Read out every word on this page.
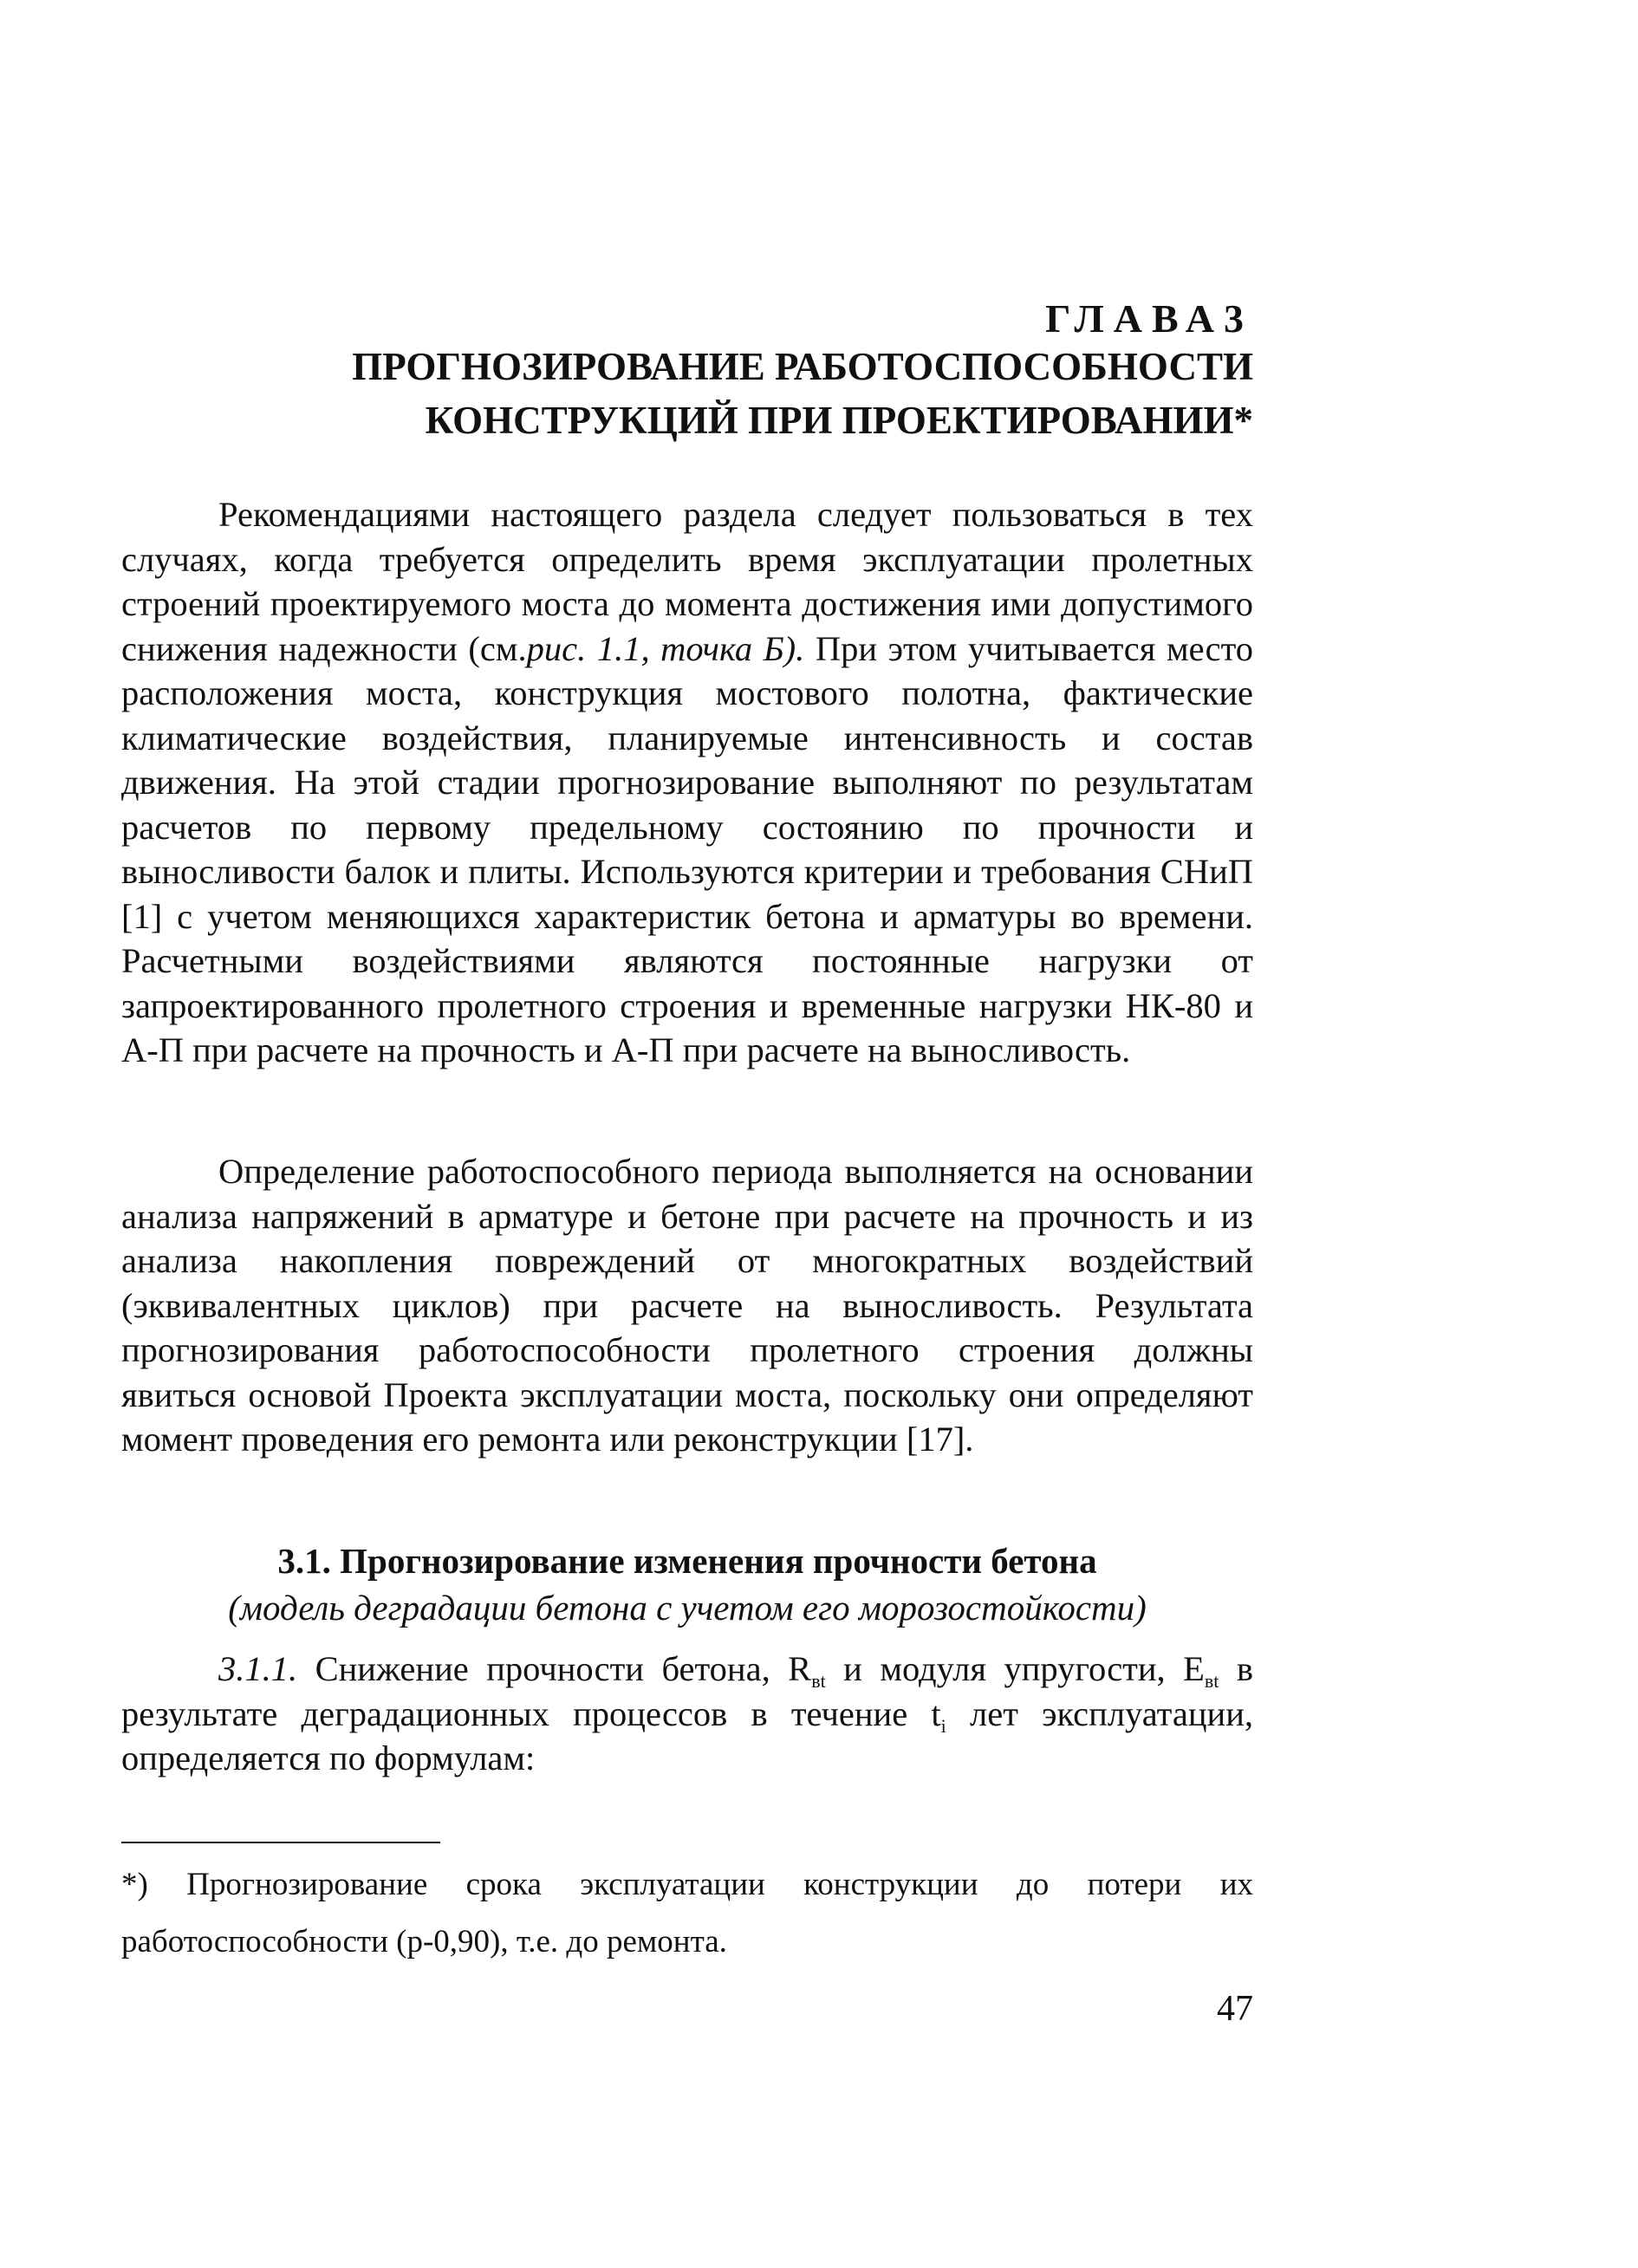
ГЛАВА3
ПРОГНОЗИРОВАНИЕ РАБОТОСПОСОБНОСТИ
КОНСТРУКЦИЙ ПРИ ПРОЕКТИРОВАНИИ*

Рекомендациями настоящего раздела следует пользоваться в тех случаях, когда требуется определить время эксплуатации пролетных строений проектируемого моста до момента достижения ими допустимого снижения надежности (см.рис. 1.1, точка Б). При этом учитывается место расположения моста, конструкция мостового полотна, фактические климатические воздействия, планируемые интенсивность и состав движения. На этой стадии прогнозирование выполняют по результатам расчетов по первому предельному состоянию по прочности и выносливости балок и плиты. Используются критерии и требования СНиП [1] с учетом меняющихся характеристик бетона и арматуры во времени. Расчетными воздействиями являются постоянные нагрузки от запроектированного пролетного строения и временные нагрузки НК-80 и А-П при расчете на прочность и А-П при расчете на выносливость.

Определение работоспособного периода выполняется на основании анализа напряжений в арматуре и бетоне при расчете на прочность и из анализа накопления повреждений от многократных воздействий (эквивалентных циклов) при расчете на выносливость. Результата прогнозирования работоспособности пролетного строения должны явиться основой Проекта эксплуатации моста, поскольку они определяют момент проведения его ремонта или реконструкции [17].

3.1. Прогнозирование изменения прочности бетона
(модель деградации бетона с учетом его морозостойкости)

3.1.1. Снижение прочности бетона, $R_{вt}$ и модуля упругости, $E_{вt}$ в результате деградационных процессов в течение $t_i$ лет эксплуатации, определяется по формулам:

*) Прогнозирование срока эксплуатации конструкции до потери их работоспособности (р-0,90), т.е. до ремонта.

47
